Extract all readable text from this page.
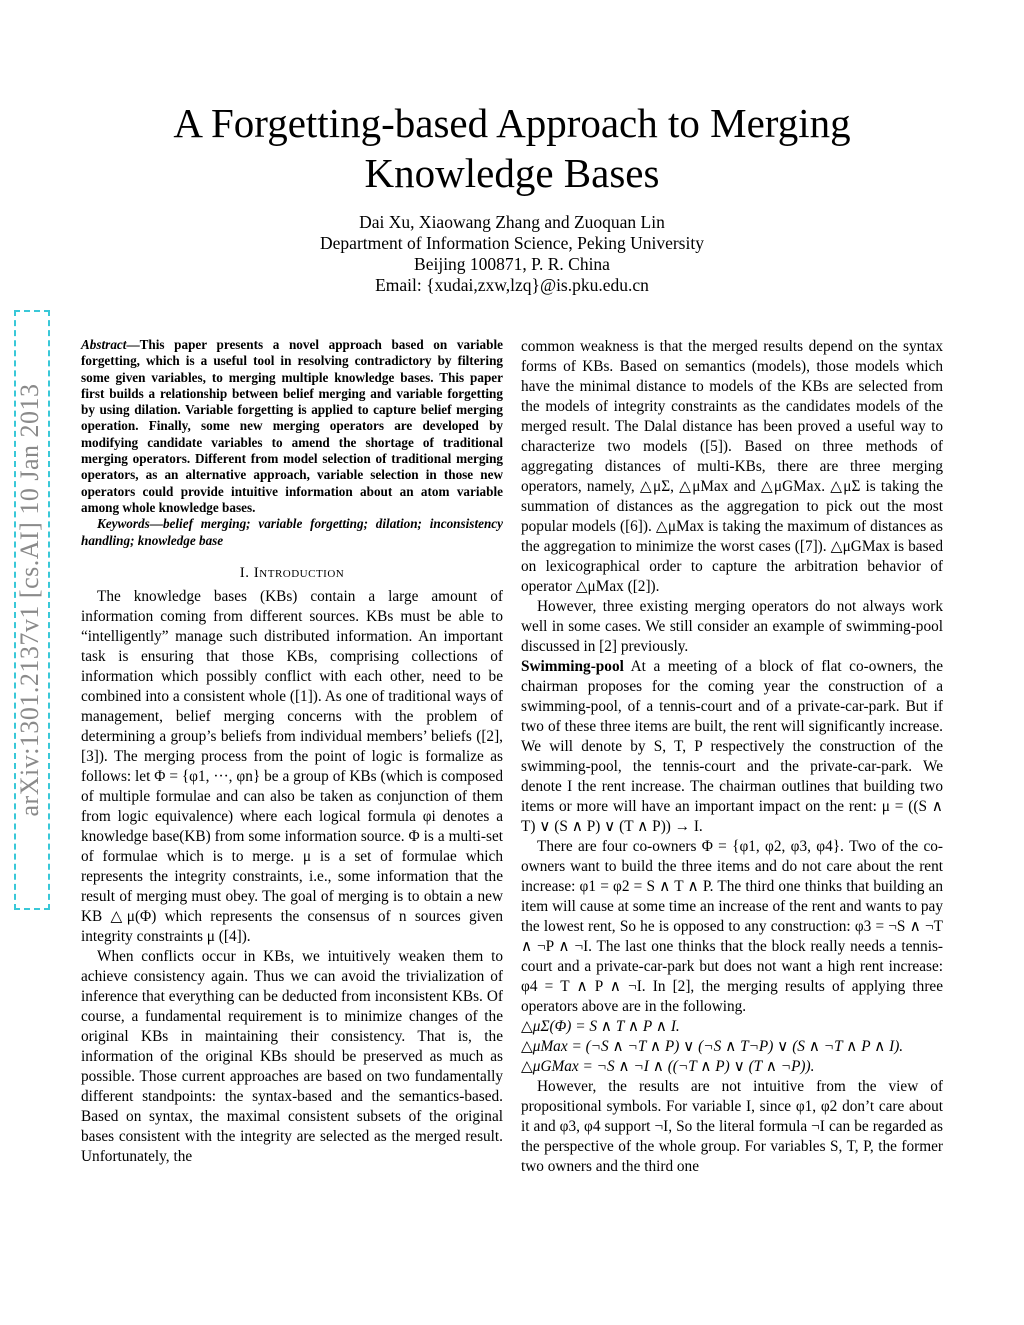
arXiv:1301.2137v1 [cs.AI] 10 Jan 2013
A Forgetting-based Approach to Merging Knowledge Bases
Dai Xu, Xiaowang Zhang and Zuoquan Lin
Department of Information Science, Peking University
Beijing 100871, P. R. China
Email: {xudai,zxw,lzq}@is.pku.edu.cn

Abstract—This paper presents a novel approach based on variable forgetting, which is a useful tool in resolving contradictory by filtering some given variables, to merging multiple knowledge bases. This paper first builds a relationship between belief merging and variable forgetting by using dilation. Variable forgetting is applied to capture belief merging operation. Finally, some new merging operators are developed by modifying candidate variables to amend the shortage of traditional merging operators. Different from model selection of traditional merging operators, as an alternative approach, variable selection in those new operators could provide intuitive information about an atom variable among whole knowledge bases.

Keywords—belief merging; variable forgetting; dilation; inconsistency handling; knowledge base

I. Introduction

The knowledge bases (KBs) contain a large amount of information coming from different sources. KBs must be able to “intelligently” manage such distributed information. An important task is ensuring that those KBs, comprising collections of information which possibly conflict with each other, need to be combined into a consistent whole ([1]). As one of traditional ways of management, belief merging concerns with the problem of determining a group’s beliefs from individual members’ beliefs ([2], [3]). The merging process from the point of logic is formalize as follows: let Φ = {φ1, ···, φn} be a group of KBs (which is composed of multiple formulae and can also be taken as conjunction of them from logic equivalence) where each logical formula φi denotes a knowledge base(KB) from some information source. Φ is a multi-set of formulae which is to merge. μ is a set of formulae which represents the integrity constraints, i.e., some information that the result of merging must obey. The goal of merging is to obtain a new KB △μ(Φ) which represents the consensus of n sources given integrity constraints μ ([4]).

When conflicts occur in KBs, we intuitively weaken them to achieve consistency again. Thus we can avoid the trivialization of inference that everything can be deducted from inconsistent KBs. Of course, a fundamental requirement is to minimize changes of the original KBs in maintaining their consistency. That is, the information of the original KBs should be preserved as much as possible. Those current approaches are based on two fundamentally different standpoints: the syntax-based and the semantics-based. Based on syntax, the maximal consistent subsets of the original bases consistent with the integrity are selected as the merged result. Unfortunately, the

common weakness is that the merged results depend on the syntax forms of KBs. Based on semantics (models), those models which have the minimal distance to models of the KBs are selected from the models of integrity constraints as the candidates models of the merged result. The Dalal distance has been proved a useful way to characterize two models ([5]). Based on three methods of aggregating distances of multi-KBs, there are three merging operators, namely, △μΣ, △μMax and △μGMax. △μΣ is taking the summation of distances as the aggregation to pick out the most popular models ([6]). △μMax is taking the maximum of distances as the aggregation to minimize the worst cases ([7]). △μGMax is based on lexicographical order to capture the arbitration behavior of operator △μMax ([2]).

However, three existing merging operators do not always work well in some cases. We still consider an example of swimming-pool discussed in [2] previously.

Swimming-pool At a meeting of a block of flat co-owners, the chairman proposes for the coming year the construction of a swimming-pool, of a tennis-court and of a private-car-park. But if two of these three items are built, the rent will significantly increase. We will denote by S, T, P respectively the construction of the swimming-pool, the tennis-court and the private-car-park. We denote I the rent increase. The chairman outlines that building two items or more will have an important impact on the rent: μ = ((S ∧ T) ∨ (S ∧ P) ∨ (T ∧ P)) → I.

There are four co-owners Φ = {φ1, φ2, φ3, φ4}. Two of the co-owners want to build the three items and do not care about the rent increase: φ1 = φ2 = S ∧ T ∧ P. The third one thinks that building an item will cause at some time an increase of the rent and wants to pay the lowest rent, So he is opposed to any construction: φ3 = ¬S ∧ ¬T ∧ ¬P ∧ ¬I. The last one thinks that the block really needs a tennis-court and a private-car-park but does not want a high rent increase: φ4 = T ∧ P ∧ ¬I. In [2], the merging results of applying three operators above are in the following.

△μΣ(Φ) = S ∧ T ∧ P ∧ I.

△μMax = (¬S ∧ ¬T ∧ P) ∨ (¬S ∧ T¬P) ∨ (S ∧ ¬T ∧ P ∧ I).

△μGMax = ¬S ∧ ¬I ∧ ((¬T ∧ P) ∨ (T ∧ ¬P)).

However, the results are not intuitive from the view of propositional symbols. For variable I, since φ1, φ2 don’t care about it and φ3, φ4 support ¬I, So the literal formula ¬I can be regarded as the perspective of the whole group. For variables S, T, P, the former two owners and the third one
